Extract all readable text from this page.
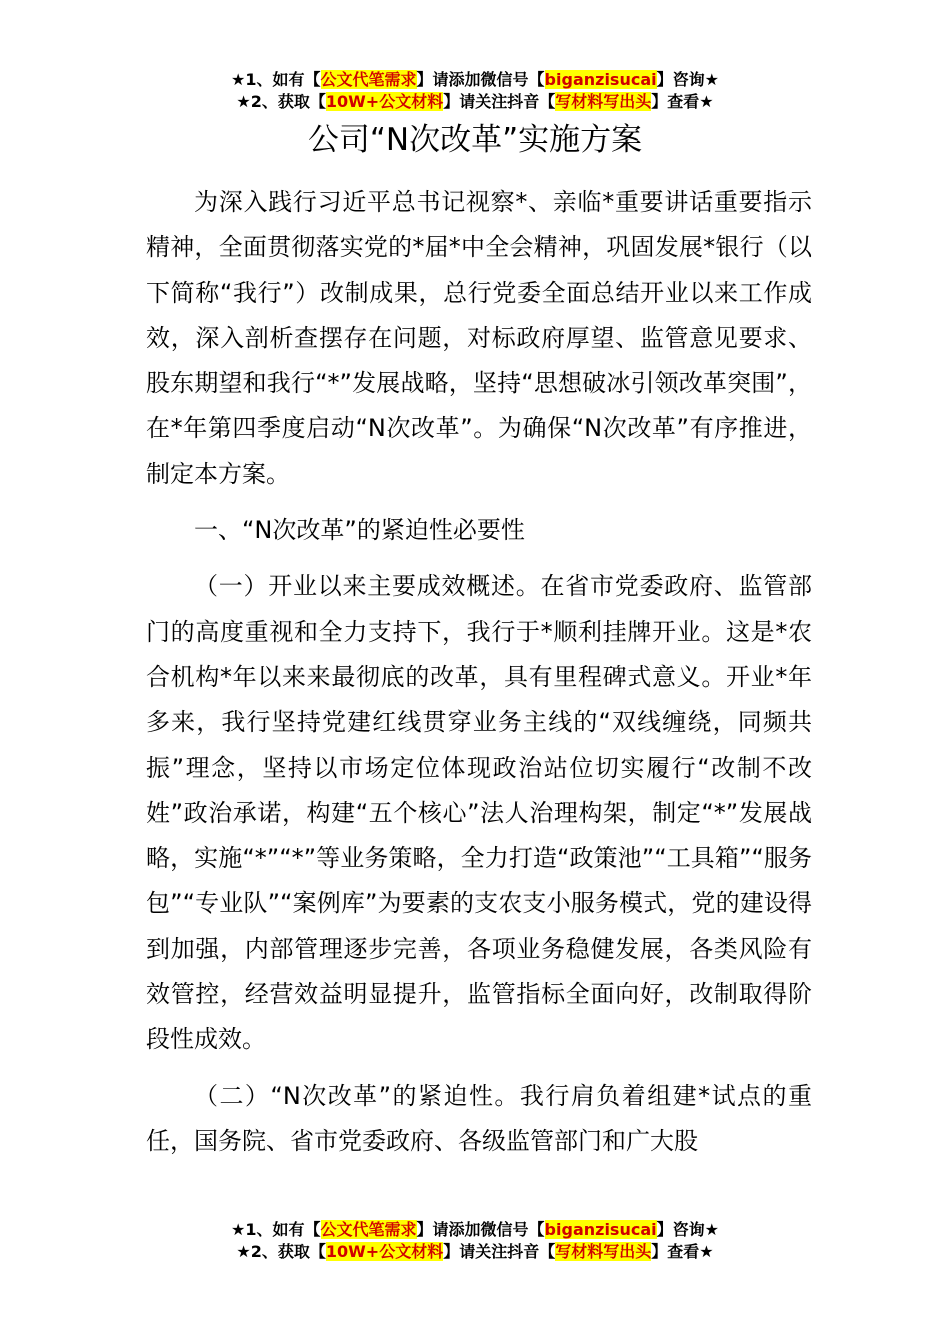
★1、如有【公文代笔需求】请添加微信号【biganzisucai】咨询★
★2、获取【10W+公文材料】请关注抖音【写材料写出头】查看★
公司“N次改革”实施方案

为深入践行习近平总书记视察*、亲临*重要讲话重要指示精神，全面贯彻落实党的*届*中全会精神，巩固发展*银行（以下简称“我行”）改制成果，总行党委全面总结开业以来工作成效，深入剖析查摆存在问题，对标政府厚望、监管意见要求、股东期望和我行“*”发展战略，坚持“思想破冰引领改革突围”，在*年第四季度启动“N次改革”。为确保“N次改革”有序推进，制定本方案。

一、“N次改革”的紧迫性必要性

（一）开业以来主要成效概述。在省市党委政府、监管部门的高度重视和全力支持下，我行于*顺利挂牌开业。这是*农合机构*年以来来最彻底的改革，具有里程碑式意义。开业*年多来，我行坚持党建红线贯穿业务主线的“双线缠绕，同频共振”理念，坚持以市场定位体现政治站位切实履行“改制不改姓”政治承诺，构建“五个核心”法人治理构架，制定“*”发展战略，实施“*”“*”等业务策略，全力打造“政策池”“工具箱”“服务包”“专业队”“案例库”为要素的支农支小服务模式，党的建设得到加强，内部管理逐步完善，各项业务稳健发展，各类风险有效管控，经营效益明显提升，监管指标全面向好，改制取得阶段性成效。

（二）“N次改革”的紧迫性。我行肩负着组建*试点的重任，国务院、省市党委政府、各级监管部门和广大股

★1、如有【公文代笔需求】请添加微信号【biganzisucai】咨询★
★2、获取【10W+公文材料】请关注抖音【写材料写出头】查看★
